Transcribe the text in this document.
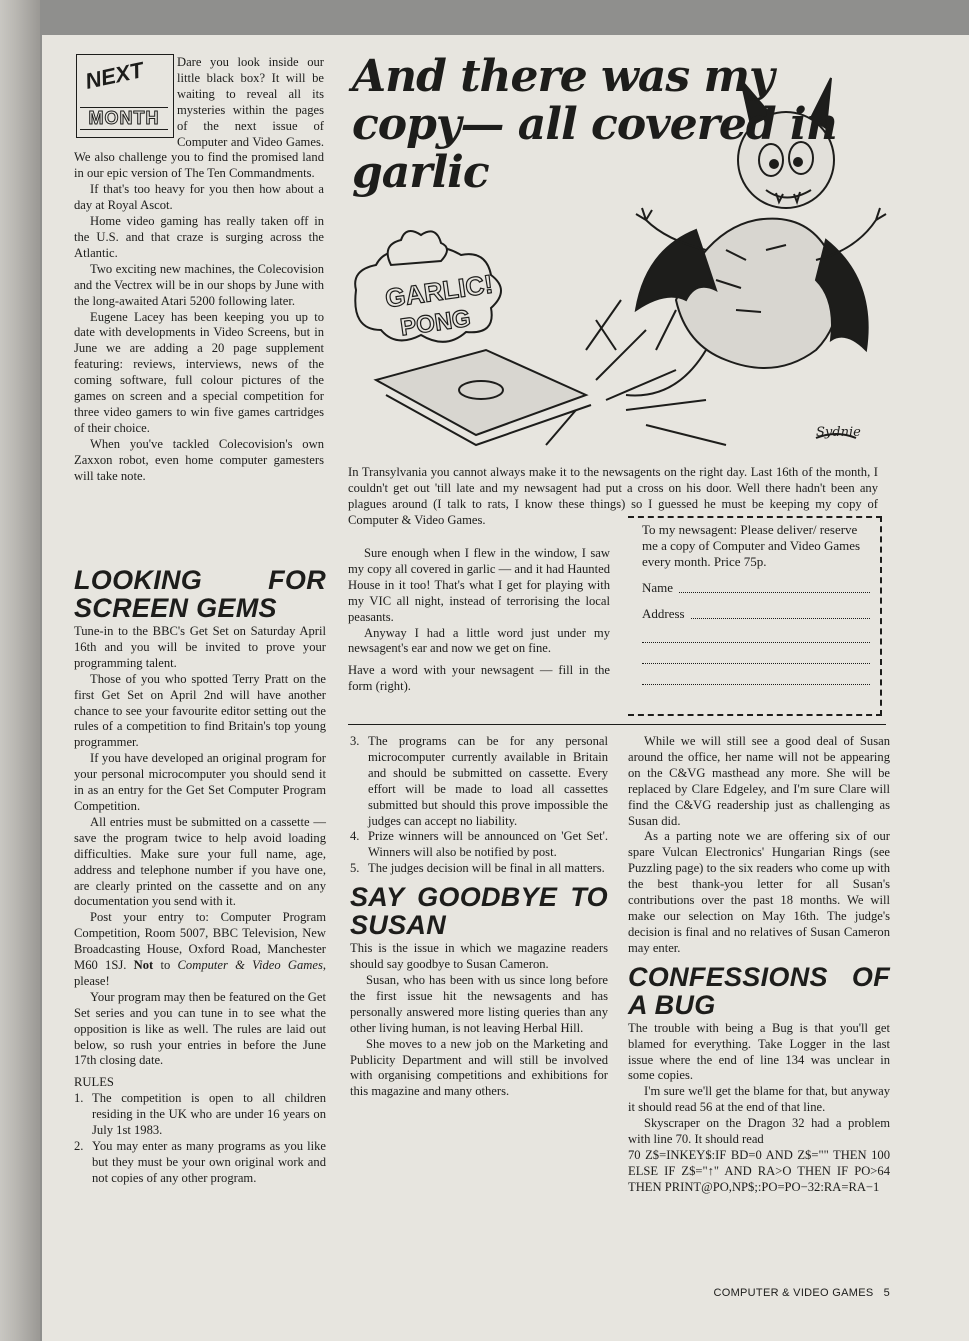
NEXT
MONTH

Dare you look inside our little black box? It will be waiting to reveal all its mysteries within the pages of the next issue of Computer and Video Games. We also challenge you to find the promised land in our epic version of The Ten Commandments.

If that's too heavy for you then how about a day at Royal Ascot.

Home video gaming has really taken off in the U.S. and that craze is surging across the Atlantic.

Two exciting new machines, the Colecovision and the Vectrex will be in our shops by June with the long-awaited Atari 5200 following later.

Eugene Lacey has been keeping you up to date with developments in Video Screens, but in June we are adding a 20 page supplement featuring: reviews, interviews, news of the coming software, full colour pictures of the games on screen and a special competition for three video gamers to win five games cartridges of their choice.

When you've tackled Colecovision's own Zaxxon robot, even home computer gamesters will take note.

GARLIC!
PONG
Sydnie
And there was my copy— all covered in garlic

In Transylvania you cannot always make it to the newsagents on the right day. Last 16th of the month, I couldn't get out 'till late and my newsagent had put a cross on his door. Well there hadn't been any plagues around (I talk to rats, I know these things) so I guessed he must be keeping my copy of Computer & Video Games.

Sure enough when I flew in the window, I saw my copy all covered in garlic — and it had Haunted House in it too! That's what I get for playing with my VIC all night, instead of terrorising the local peasants.

Anyway I had a little word just under my newsagent's ear and now we get on fine.

Have a word with your newsagent — fill in the form (right).

To my newsagent: Please deliver/ reserve me a copy of Computer and Video Games every month. Price 75p.
Name
Address
LOOKING FOR SCREEN GEMS

Tune-in to the BBC's Get Set on Saturday April 16th and you will be invited to prove your programming talent.

Those of you who spotted Terry Pratt on the first Get Set on April 2nd will have another chance to see your favourite editor setting out the rules of a competition to find Britain's top young programmer.

If you have developed an original program for your personal microcomputer you should send it in as an entry for the Get Set Computer Program Competition.

All entries must be submitted on a cassette — save the program twice to help avoid loading difficulties. Make sure your full name, age, address and telephone number if you have one, are clearly printed on the cassette and on any documentation you send with it.

Post your entry to: Computer Program Competition, Room 5007, BBC Television, New Broadcasting House, Oxford Road, Manchester M60 1SJ. Not to Computer & Video Games, please!

Your program may then be featured on the Get Set series and you can tune in to see what the opposition is like as well. The rules are laid out below, so rush your entries in before the June 17th closing date.

RULES

1. The competition is open to all children residing in the UK who are under 16 years on July 1st 1983.
2. You may enter as many programs as you like but they must be your own original work and not copies of any other program.
3. The programs can be for any personal microcomputer currently available in Britain and should be submitted on cassette. Every effort will be made to load all cassettes submitted but should this prove impossible the judges can accept no liability.
4. Prize winners will be announced on 'Get Set'. Winners will also be notified by post.
5. The judges decision will be final in all matters.
SAY GOODBYE TO SUSAN

This is the issue in which we magazine readers should say goodbye to Susan Cameron.

Susan, who has been with us since long before the first issue hit the newsagents and has personally answered more listing queries than any other living human, is not leaving Herbal Hill.

She moves to a new job on the Marketing and Publicity Department and will still be involved with organising competitions and exhibitions for this magazine and many others.

While we will still see a good deal of Susan around the office, her name will not be appearing on the C&VG masthead any more. She will be replaced by Clare Edgeley, and I'm sure Clare will find the C&VG readership just as challenging as Susan did.

As a parting note we are offering six of our spare Vulcan Electronics' Hungarian Rings (see Puzzling page) to the six readers who come up with the best thank-you letter for all Susan's contributions over the past 18 months. We will make our selection on May 16th. The judge's decision is final and no relatives of Susan Cameron may enter.

CONFESSIONS OF A BUG

The trouble with being a Bug is that you'll get blamed for everything. Take Logger in the last issue where the end of line 134 was unclear in some copies.

I'm sure we'll get the blame for that, but anyway it should read 56 at the end of that line.

Skyscraper on the Dragon 32 had a problem with line 70. It should read

70 Z$=INKEY$:IF BD=0 AND Z$="" THEN 100 ELSE IF Z$="↑" AND RA>O THEN IF PO>64 THEN PRINT@PO,NP$;:PO=PO−32:RA=RA−1

COMPUTER & VIDEO GAMES 5
